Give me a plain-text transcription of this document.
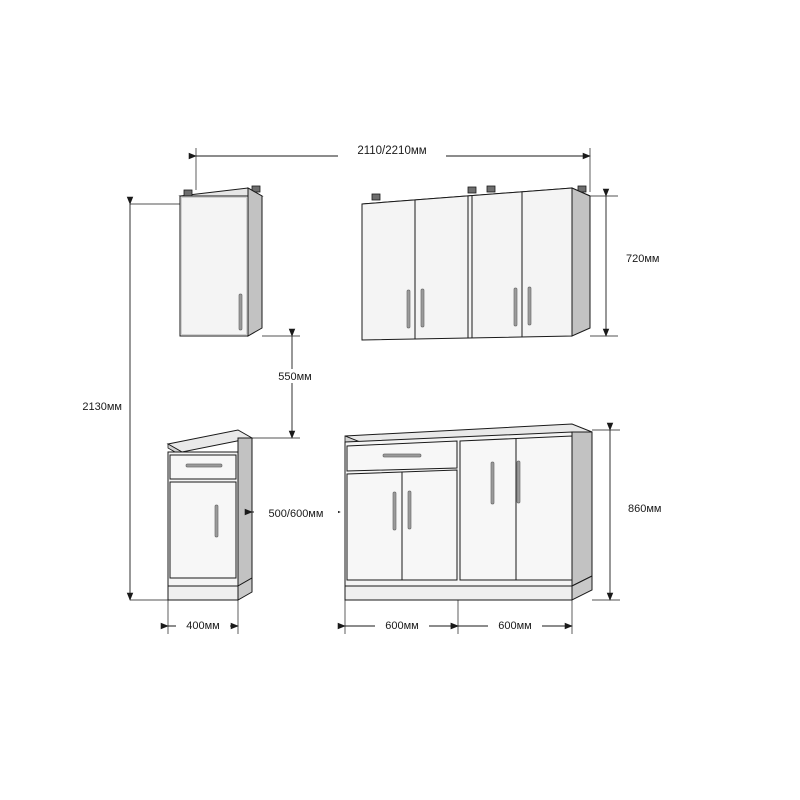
2110/2210мм
720мм
550мм
2130мм
500/600мм	860мм
400мм	600мм	600мм
